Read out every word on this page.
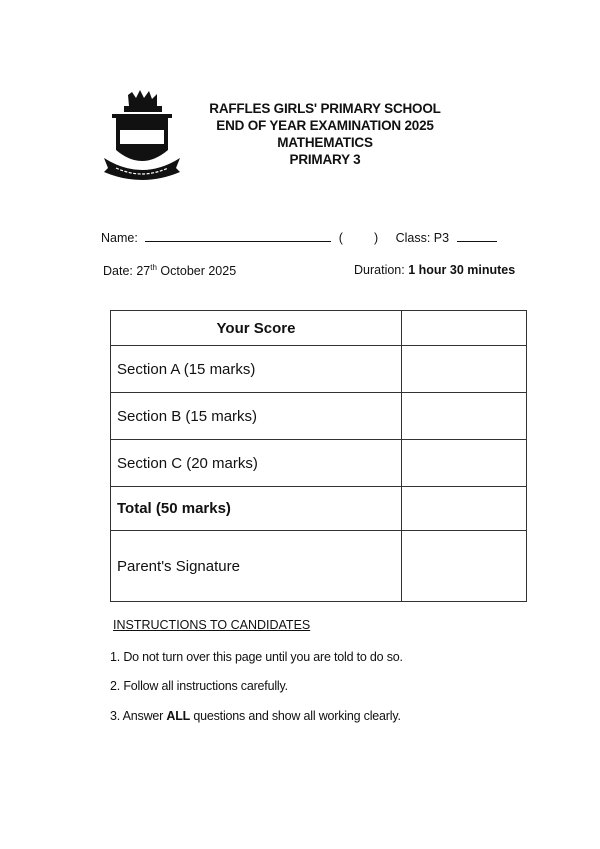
RAFFLES GIRLS' PRIMARY SCHOOL
END OF YEAR EXAMINATION 2025
MATHEMATICS
PRIMARY 3
Name:	( ) Class: P3
Date: 27th October 2025	Duration: 1 hour 30 minutes
Your Score	
Section A (15 marks)	
Section B (15 marks)	
Section C (20 marks)	
Total (50 marks)	
Parent's Signature	
INSTRUCTIONS TO CANDIDATES
1. Do not turn over this page until you are told to do so.
2. Follow all instructions carefully.
3. Answer ALL questions and show all working clearly.
